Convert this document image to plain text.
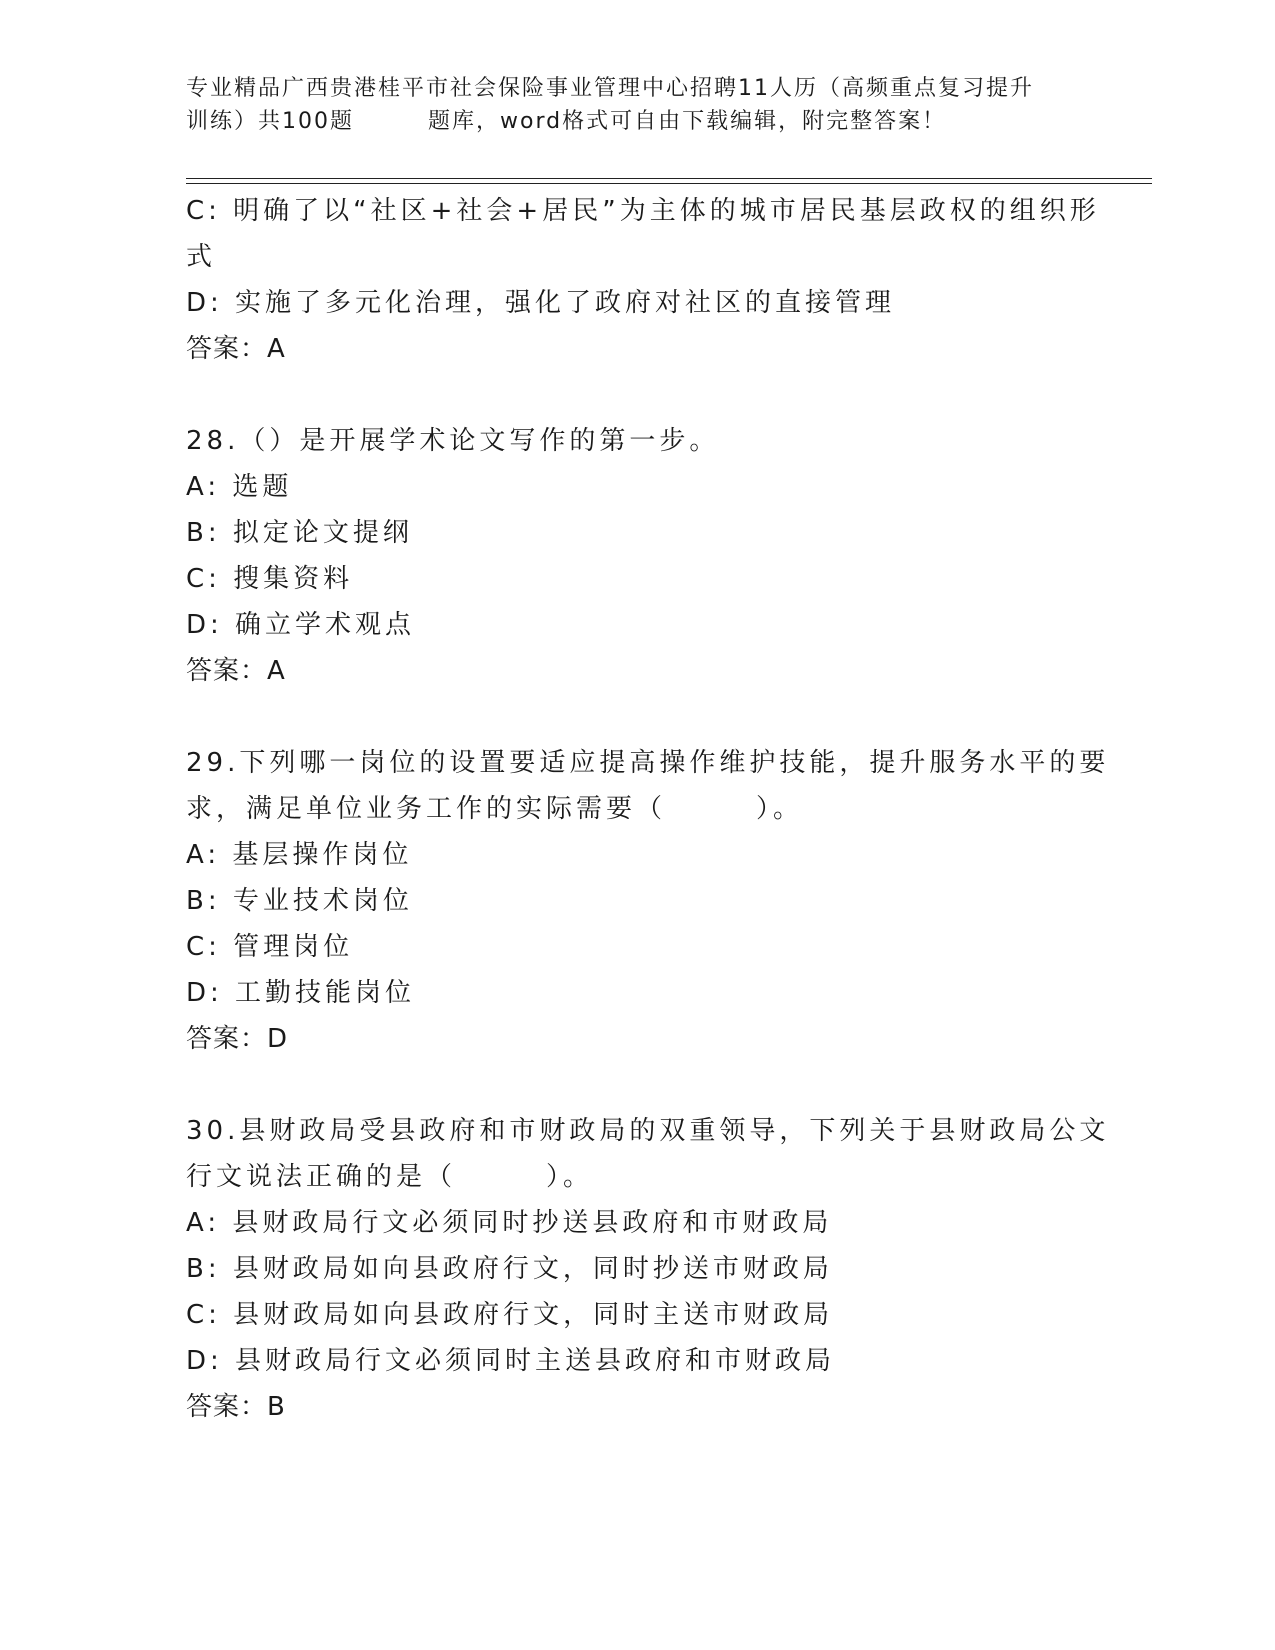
专业精品广西贵港桂平市社会保险事业管理中心招聘11人历（高频重点复习提升
训练）共100题	题库，word格式可自由下载编辑，附完整答案！
C: 明确了以“社区+社会+居民”为主体的城市居民基层政权的组织形
式
D: 实施了多元化治理，强化了政府对社区的直接管理
答案：A
28.（）是开展学术论文写作的第一步。
A: 选题
B: 拟定论文提纲
C: 搜集资料
D: 确立学术观点
答案：A
29.下列哪一岗位的设置要适应提高操作维护技能，提升服务水平的要
求，满足单位业务工作的实际需要（　　　）。
A: 基层操作岗位
B: 专业技术岗位
C: 管理岗位
D: 工勤技能岗位
答案：D
30.县财政局受县政府和市财政局的双重领导，下列关于县财政局公文
行文说法正确的是（　　　）。
A: 县财政局行文必须同时抄送县政府和市财政局
B: 县财政局如向县政府行文，同时抄送市财政局
C: 县财政局如向县政府行文，同时主送市财政局
D: 县财政局行文必须同时主送县政府和市财政局
答案：B
